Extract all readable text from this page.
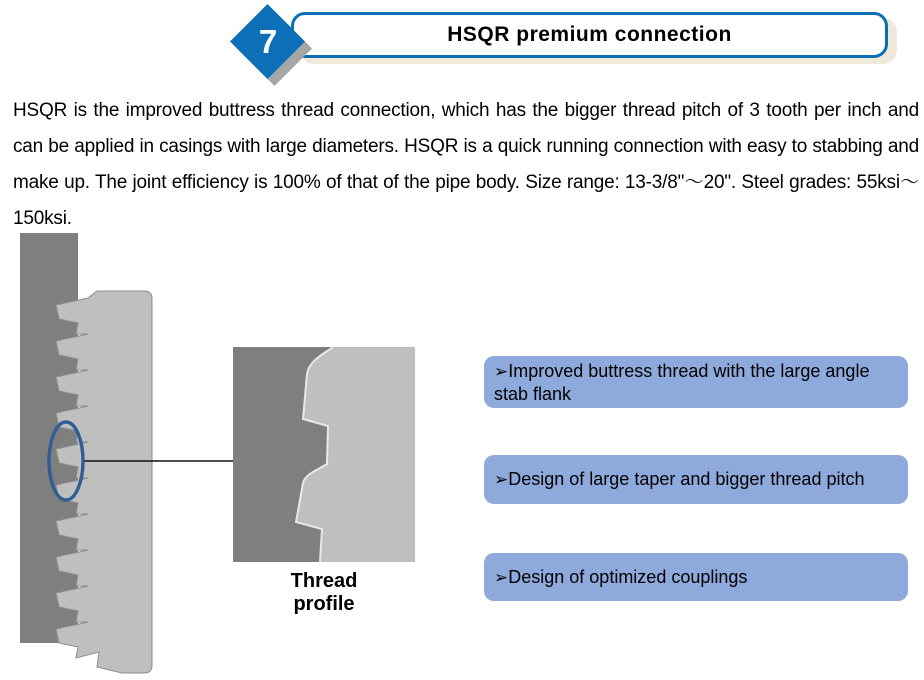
HSQR premium connection
7

HSQR is the improved buttress thread connection, which has the bigger thread pitch of 3 tooth per inch and can be applied in casings with large diameters. HSQR is a quick running connection with easy to stabbing and make up. The joint efficiency is 100% of that of the pipe body. Size range: 13-3/8"～20". Steel grades: 55ksi～150ksi.

Thread
profile
➢Improved buttress thread with the large angle stab flank
➢Design of large taper and bigger thread pitch
➢Design of optimized couplings
